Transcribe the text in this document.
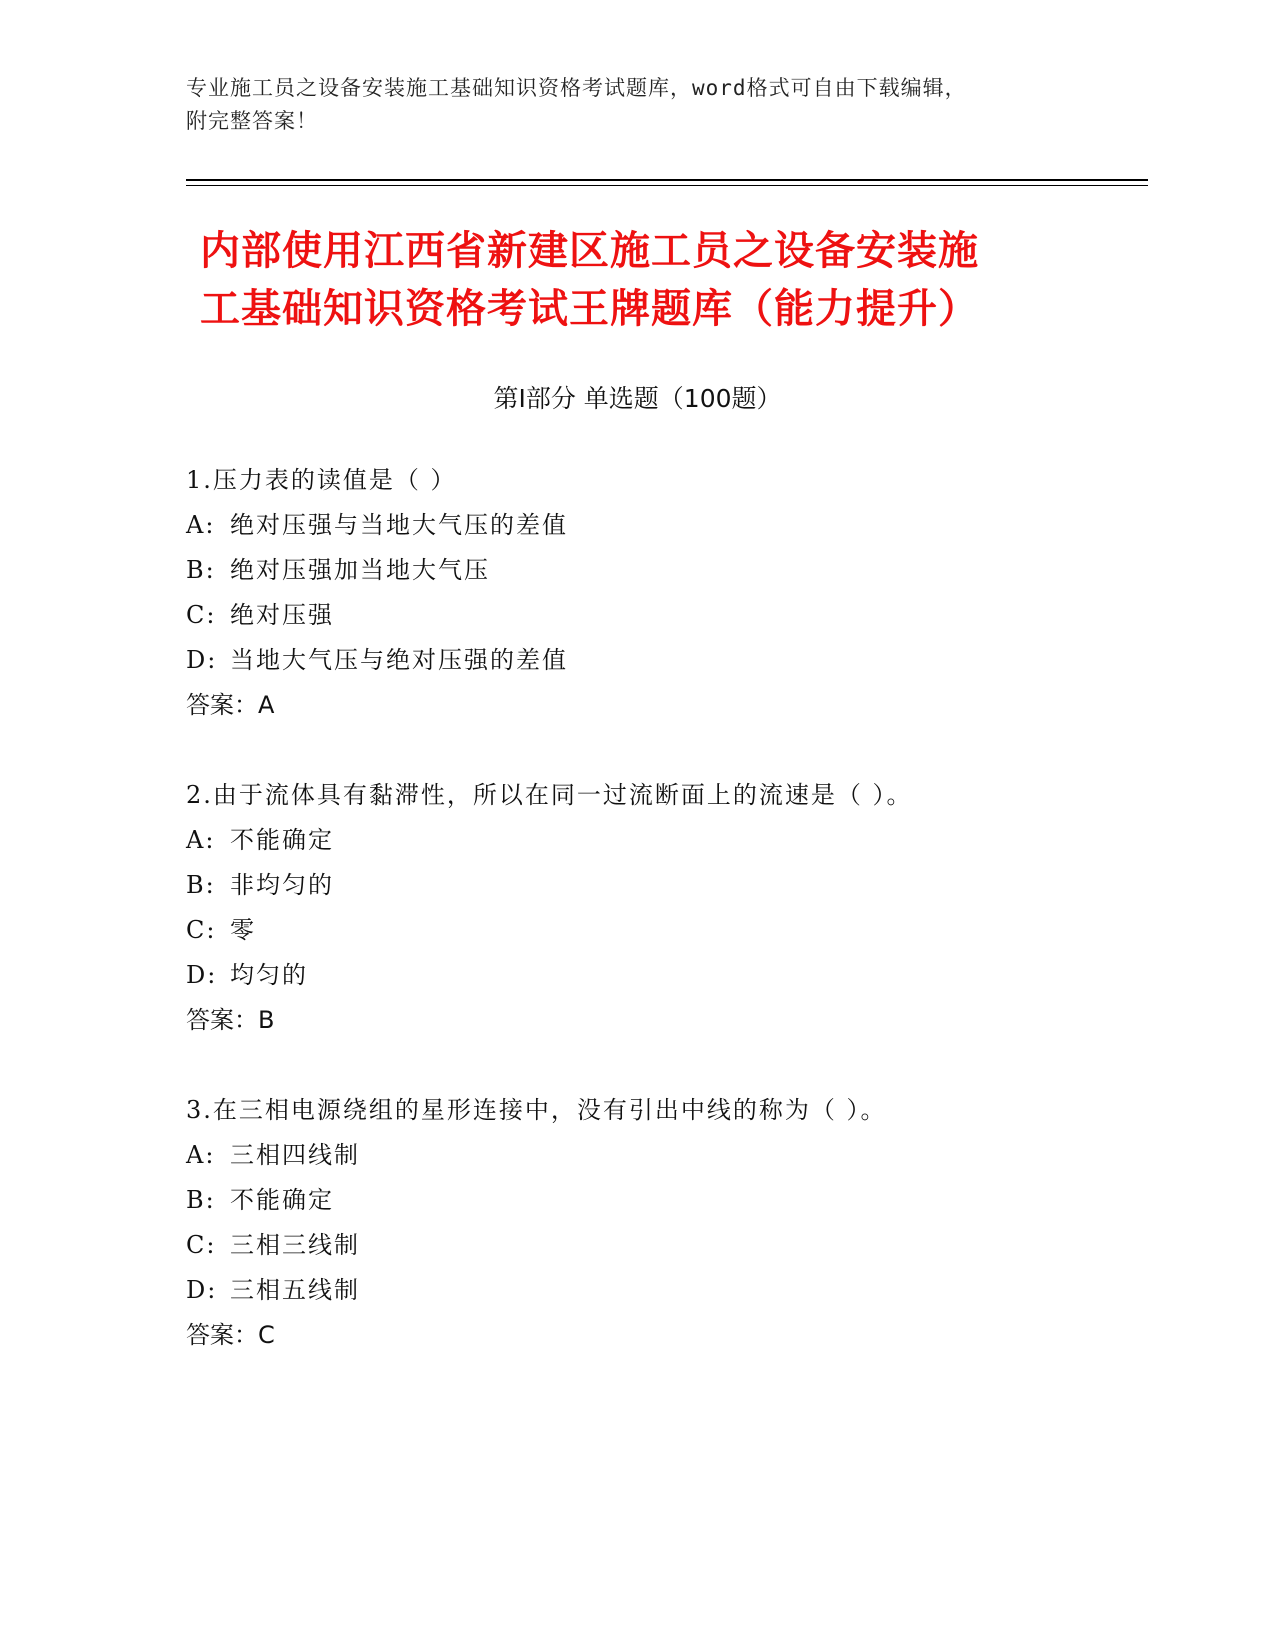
专业施工员之设备安装施工基础知识资格考试题库，word格式可自由下载编辑，
附完整答案！
内部使用江西省新建区施工员之设备安装施
工基础知识资格考试王牌题库（能力提升）
第Ⅰ部分 单选题（100题）
1.压力表的读值是（ ）
A: 绝对压强与当地大气压的差值
B: 绝对压强加当地大气压
C: 绝对压强
D: 当地大气压与绝对压强的差值
答案：A
2.由于流体具有黏滞性，所以在同一过流断面上的流速是（ ）。
A: 不能确定
B: 非均匀的
C: 零
D: 均匀的
答案：B
3.在三相电源绕组的星形连接中，没有引出中线的称为（ ）。
A: 三相四线制
B: 不能确定
C: 三相三线制
D: 三相五线制
答案：C
